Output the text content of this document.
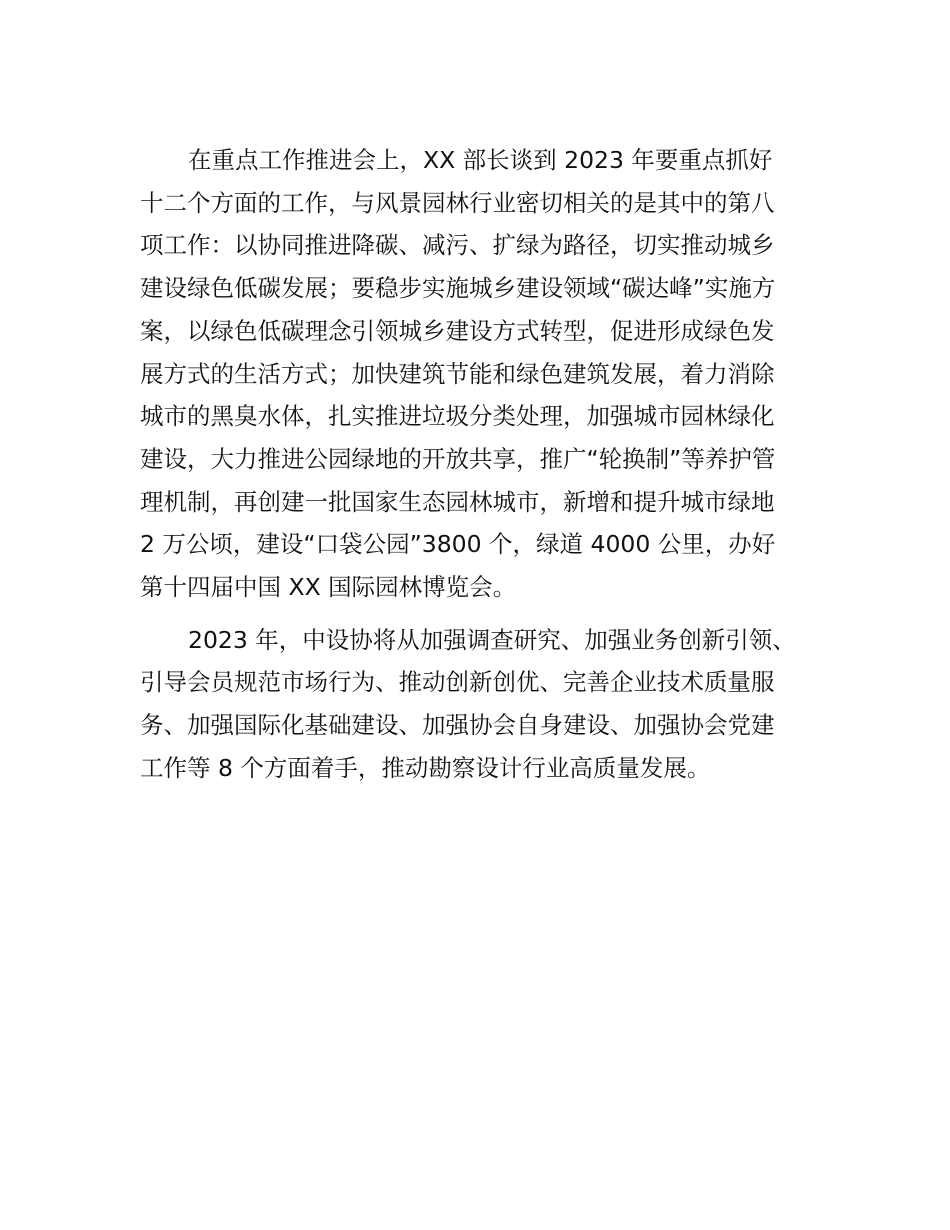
在重点工作推进会上，XX 部长谈到 2023 年要重点抓好
十二个方面的工作，与风景园林行业密切相关的是其中的第八
项工作：以协同推进降碳、减污、扩绿为路径，切实推动城乡
建设绿色低碳发展；要稳步实施城乡建设领域“碳达峰”实施方
案，以绿色低碳理念引领城乡建设方式转型，促进形成绿色发
展方式的生活方式；加快建筑节能和绿色建筑发展，着力消除
城市的黑臭水体，扎实推进垃圾分类处理，加强城市园林绿化
建设，大力推进公园绿地的开放共享，推广“轮换制”等养护管
理机制，再创建一批国家生态园林城市，新增和提升城市绿地
2 万公顷，建设“口袋公园”3800 个，绿道 4000 公里，办好
第十四届中国 XX 国际园林博览会。

2023 年，中设协将从加强调查研究、加强业务创新引领、
引导会员规范市场行为、推动创新创优、完善企业技术质量服
务、加强国际化基础建设、加强协会自身建设、加强协会党建
工作等 8 个方面着手，推动勘察设计行业高质量发展。
